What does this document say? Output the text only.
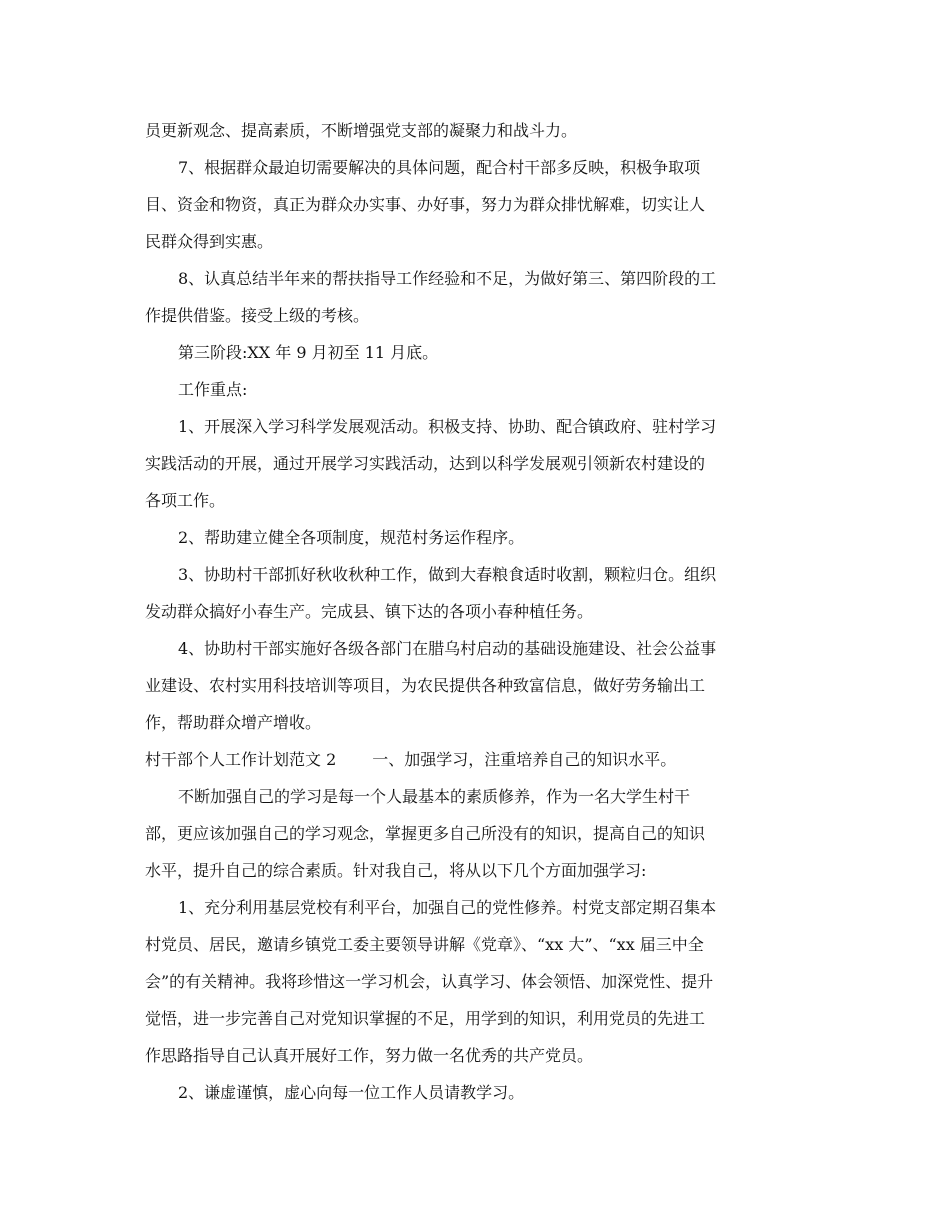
员更新观念、提高素质，不断增强党支部的凝聚力和战斗力。
7、根据群众最迫切需要解决的具体问题，配合村干部多反映，积极争取项
目、资金和物资，真正为群众办实事、办好事，努力为群众排忧解难，切实让人
民群众得到实惠。
8、认真总结半年来的帮扶指导工作经验和不足，为做好第三、第四阶段的工
作提供借鉴。接受上级的考核。
第三阶段:XX 年 9 月初至 11 月底。
工作重点:
1、开展深入学习科学发展观活动。积极支持、协助、配合镇政府、驻村学习
实践活动的开展，通过开展学习实践活动，达到以科学发展观引领新农村建设的
各项工作。
2、帮助建立健全各项制度，规范村务运作程序。
3、协助村干部抓好秋收秋种工作，做到大春粮食适时收割，颗粒归仓。组织
发动群众搞好小春生产。完成县、镇下达的各项小春种植任务。
4、协助村干部实施好各级各部门在腊乌村启动的基础设施建设、社会公益事
业建设、农村实用科技培训等项目，为农民提供各种致富信息，做好劳务输出工
作，帮助群众增产增收。
村干部个人工作计划范文 2 一、加强学习，注重培养自己的知识水平。
不断加强自己的学习是每一个人最基本的素质修养，作为一名大学生村干
部，更应该加强自己的学习观念，掌握更多自己所没有的知识，提高自己的知识
水平，提升自己的综合素质。针对我自己，将从以下几个方面加强学习:
1、充分利用基层党校有利平台，加强自己的党性修养。村党支部定期召集本
村党员、居民，邀请乡镇党工委主要领导讲解《党章》、“xx 大”、“xx 届三中全
会”的有关精神。我将珍惜这一学习机会，认真学习、体会领悟、加深党性、提升
觉悟，进一步完善自己对党知识掌握的不足，用学到的知识，利用党员的先进工
作思路指导自己认真开展好工作，努力做一名优秀的共产党员。
2、谦虚谨慎，虚心向每一位工作人员请教学习。
